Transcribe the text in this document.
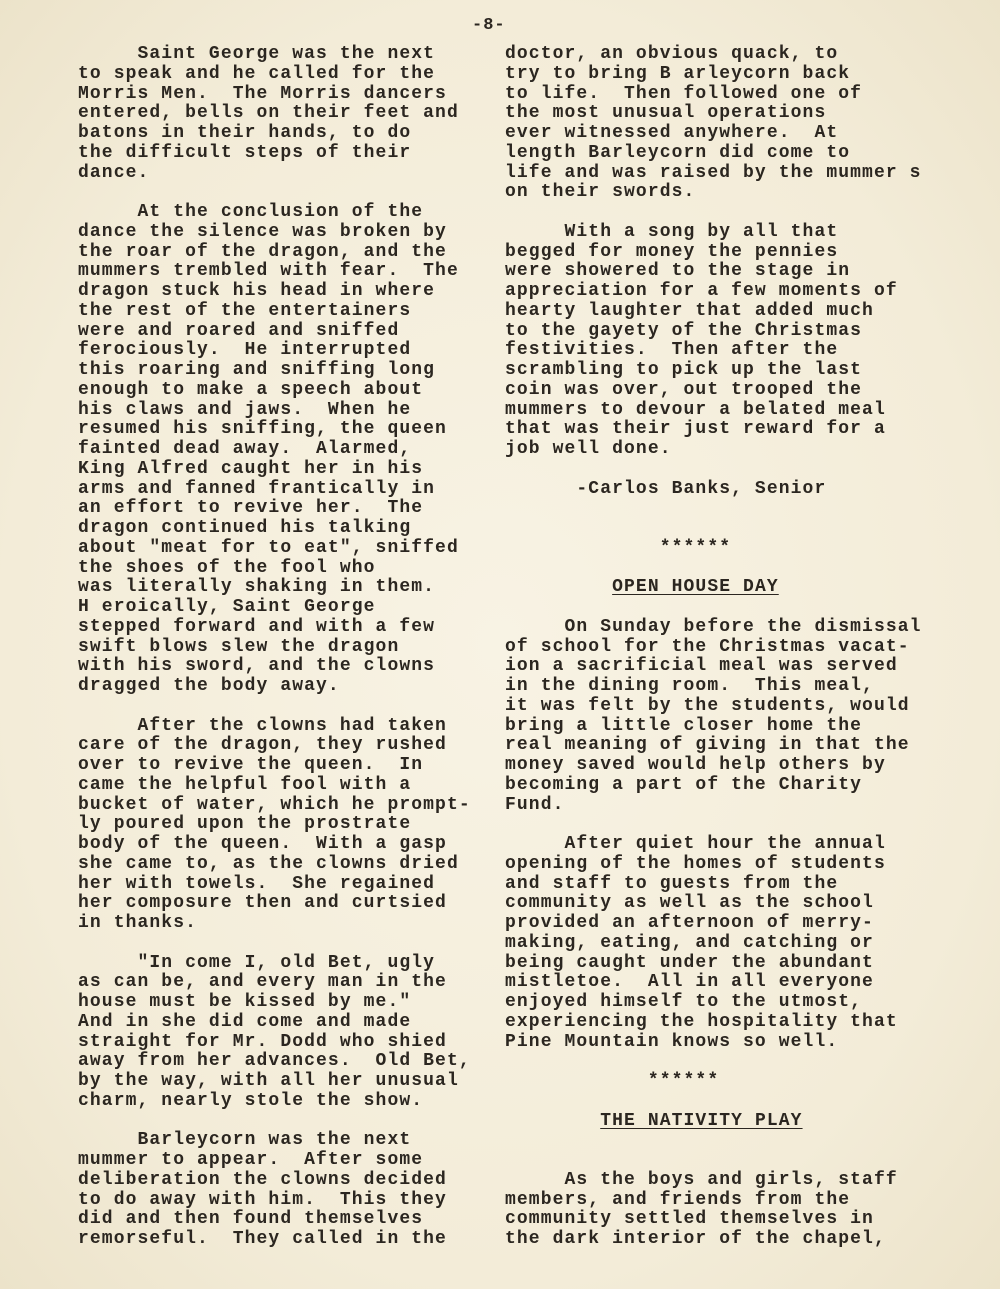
-8-
Saint George was the next
to speak and he called for the
Morris Men.  The Morris dancers
entered, bells on their feet and
batons in their hands, to do
the difficult steps of their
dance.
At the conclusion of the
dance the silence was broken by
the roar of the dragon, and the
mummers trembled with fear.  The
dragon stuck his head in where
the rest of the entertainers
were and roared and sniffed
ferociously.  He interrupted
this roaring and sniffing long
enough to make a speech about
his claws and jaws.  When he
resumed his sniffing, the queen
fainted dead away.  Alarmed,
King Alfred caught her in his
arms and fanned frantically in
an effort to revive her.  The
dragon continued his talking
about "meat for to eat", sniffed
the shoes of the fool who
was literally shaking in them.
H eroically, Saint George
stepped forward and with a few
swift blows slew the dragon
with his sword, and the clowns
dragged the body away.
After the clowns had taken
care of the dragon, they rushed
over to revive the queen.  In
came the helpful fool with a
bucket of water, which he prompt-
ly poured upon the prostrate
body of the queen.  With a gasp
she came to, as the clowns dried
her with towels.  She regained
her composure then and curtsied
in thanks.
"In come I, old Bet, ugly
as can be, and every man in the
house must be kissed by me."
And in she did come and made
straight for Mr. Dodd who shied
away from her advances.  Old Bet,
by the way, with all her unusual
charm, nearly stole the show.
Barleycorn was the next
mummer to appear.  After some
deliberation the clowns decided
to do away with him.  This they
did and then found themselves
remorseful.  They called in the
doctor, an obvious quack, to
try to bring B arleycorn back
to life.  Then followed one of
the most unusual operations
ever witnessed anywhere.  At
length Barleycorn did come to
life and was raised by the mummer s
on their swords.
With a song by all that
begged for money the pennies
were showered to the stage in
appreciation for a few moments of
hearty laughter that added much
to the gayety of the Christmas
festivities.  Then after the
scrambling to pick up the last
coin was over, out trooped the
mummers to devour a belated meal
that was their just reward for a
job well done.
-Carlos Banks, Senior
******
OPEN HOUSE DAY
On Sunday before the dismissal
of school for the Christmas vacat-
ion a sacrificial meal was served
in the dining room.  This meal,
it was felt by the students, would
bring a little closer home the
real meaning of giving in that the
money saved would help others by
becoming a part of the Charity
Fund.
After quiet hour the annual
opening of the homes of students
and staff to guests from the
community as well as the school
provided an afternoon of merry-
making, eating, and catching or
being caught under the abundant
mistletoe.  All in all everyone
enjoyed himself to the utmost,
experiencing the hospitality that
Pine Mountain knows so well.
******
THE NATIVITY PLAY
As the boys and girls, staff
members, and friends from the
community settled themselves in
the dark interior of the chapel,
